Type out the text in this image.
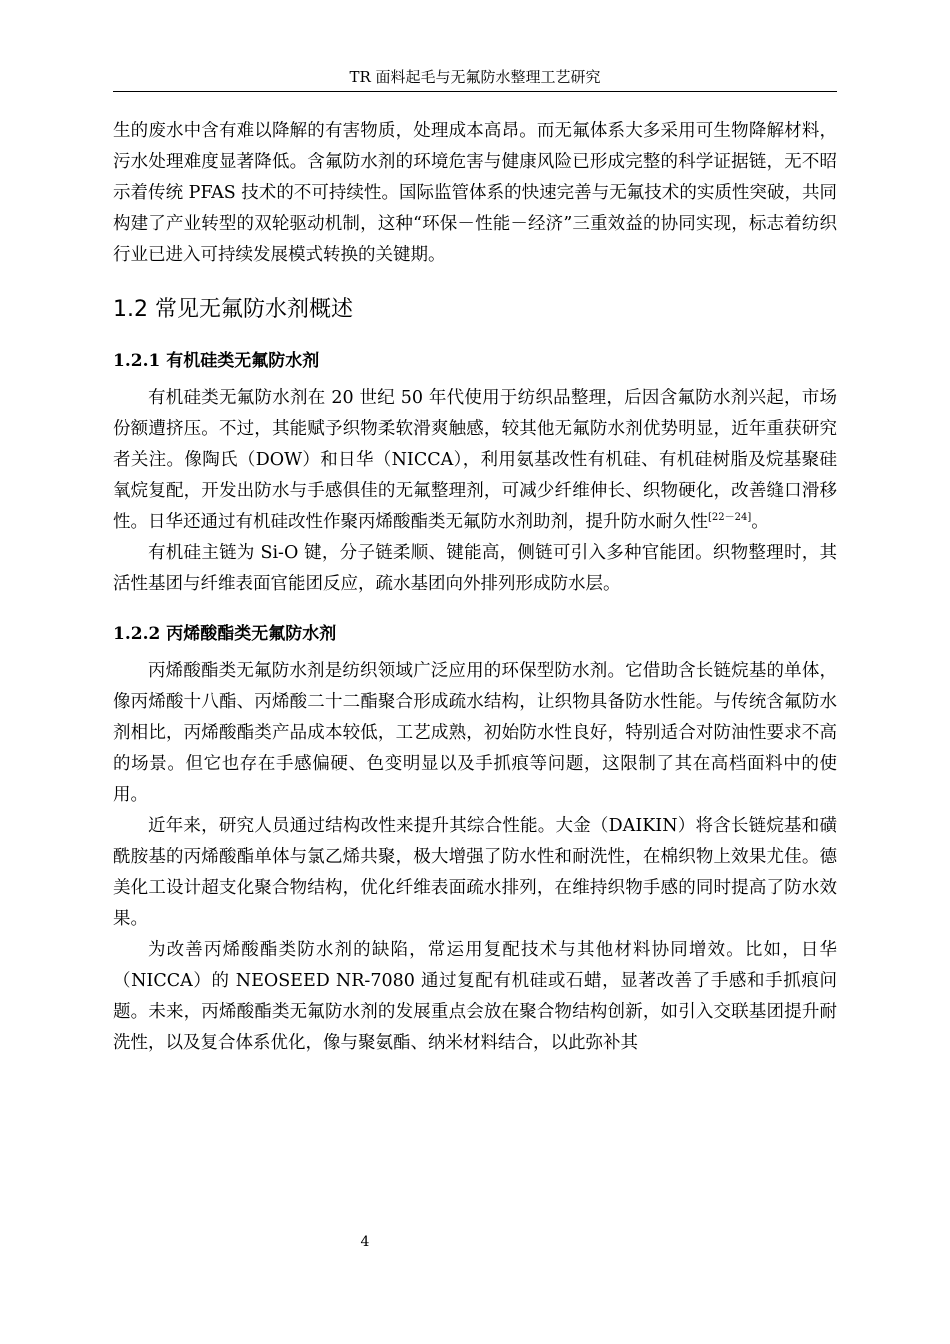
TR 面料起毛与无氟防水整理工艺研究

生的废水中含有难以降解的有害物质，处理成本高昂。而无氟体系大多采用可生物降解材料，污水处理难度显著降低。含氟防水剂的环境危害与健康风险已形成完整的科学证据链，无不昭示着传统 PFAS 技术的不可持续性。国际监管体系的快速完善与无氟技术的实质性突破，共同构建了产业转型的双轮驱动机制，这种“环保－性能－经济”三重效益的协同实现，标志着纺织行业已进入可持续发展模式转换的关键期。

1.2 常见无氟防水剂概述
1.2.1 有机硅类无氟防水剂

有机硅类无氟防水剂在 20 世纪 50 年代使用于纺织品整理，后因含氟防水剂兴起，市场份额遭挤压。不过，其能赋予织物柔软滑爽触感，较其他无氟防水剂优势明显，近年重获研究者关注。像陶氏（DOW）和日华（NICCA），利用氨基改性有机硅、有机硅树脂及烷基聚硅氧烷复配，开发出防水与手感俱佳的无氟整理剂，可减少纤维伸长、织物硬化，改善缝口滑移性。日华还通过有机硅改性作聚丙烯酸酯类无氟防水剂助剂，提升防水耐久性[22－24]。

有机硅主链为 Si-O 键，分子链柔顺、键能高，侧链可引入多种官能团。织物整理时，其活性基团与纤维表面官能团反应，疏水基团向外排列形成防水层。

1.2.2 丙烯酸酯类无氟防水剂

丙烯酸酯类无氟防水剂是纺织领域广泛应用的环保型防水剂。它借助含长链烷基的单体，像丙烯酸十八酯、丙烯酸二十二酯聚合形成疏水结构，让织物具备防水性能。与传统含氟防水剂相比，丙烯酸酯类产品成本较低，工艺成熟，初始防水性良好，特别适合对防油性要求不高的场景。但它也存在手感偏硬、色变明显以及手抓痕等问题，这限制了其在高档面料中的使用。

近年来，研究人员通过结构改性来提升其综合性能。大金（DAIKIN）将含长链烷基和磺酰胺基的丙烯酸酯单体与氯乙烯共聚，极大增强了防水性和耐洗性，在棉织物上效果尤佳。德美化工设计超支化聚合物结构，优化纤维表面疏水排列，在维持织物手感的同时提高了防水效果。

为改善丙烯酸酯类防水剂的缺陷，常运用复配技术与其他材料协同增效。比如，日华（NICCA）的 NEOSEED NR-7080 通过复配有机硅或石蜡，显著改善了手感和手抓痕问题。未来，丙烯酸酯类无氟防水剂的发展重点会放在聚合物结构创新，如引入交联基团提升耐洗性，以及复合体系优化，像与聚氨酯、纳米材料结合，以此弥补其

4
